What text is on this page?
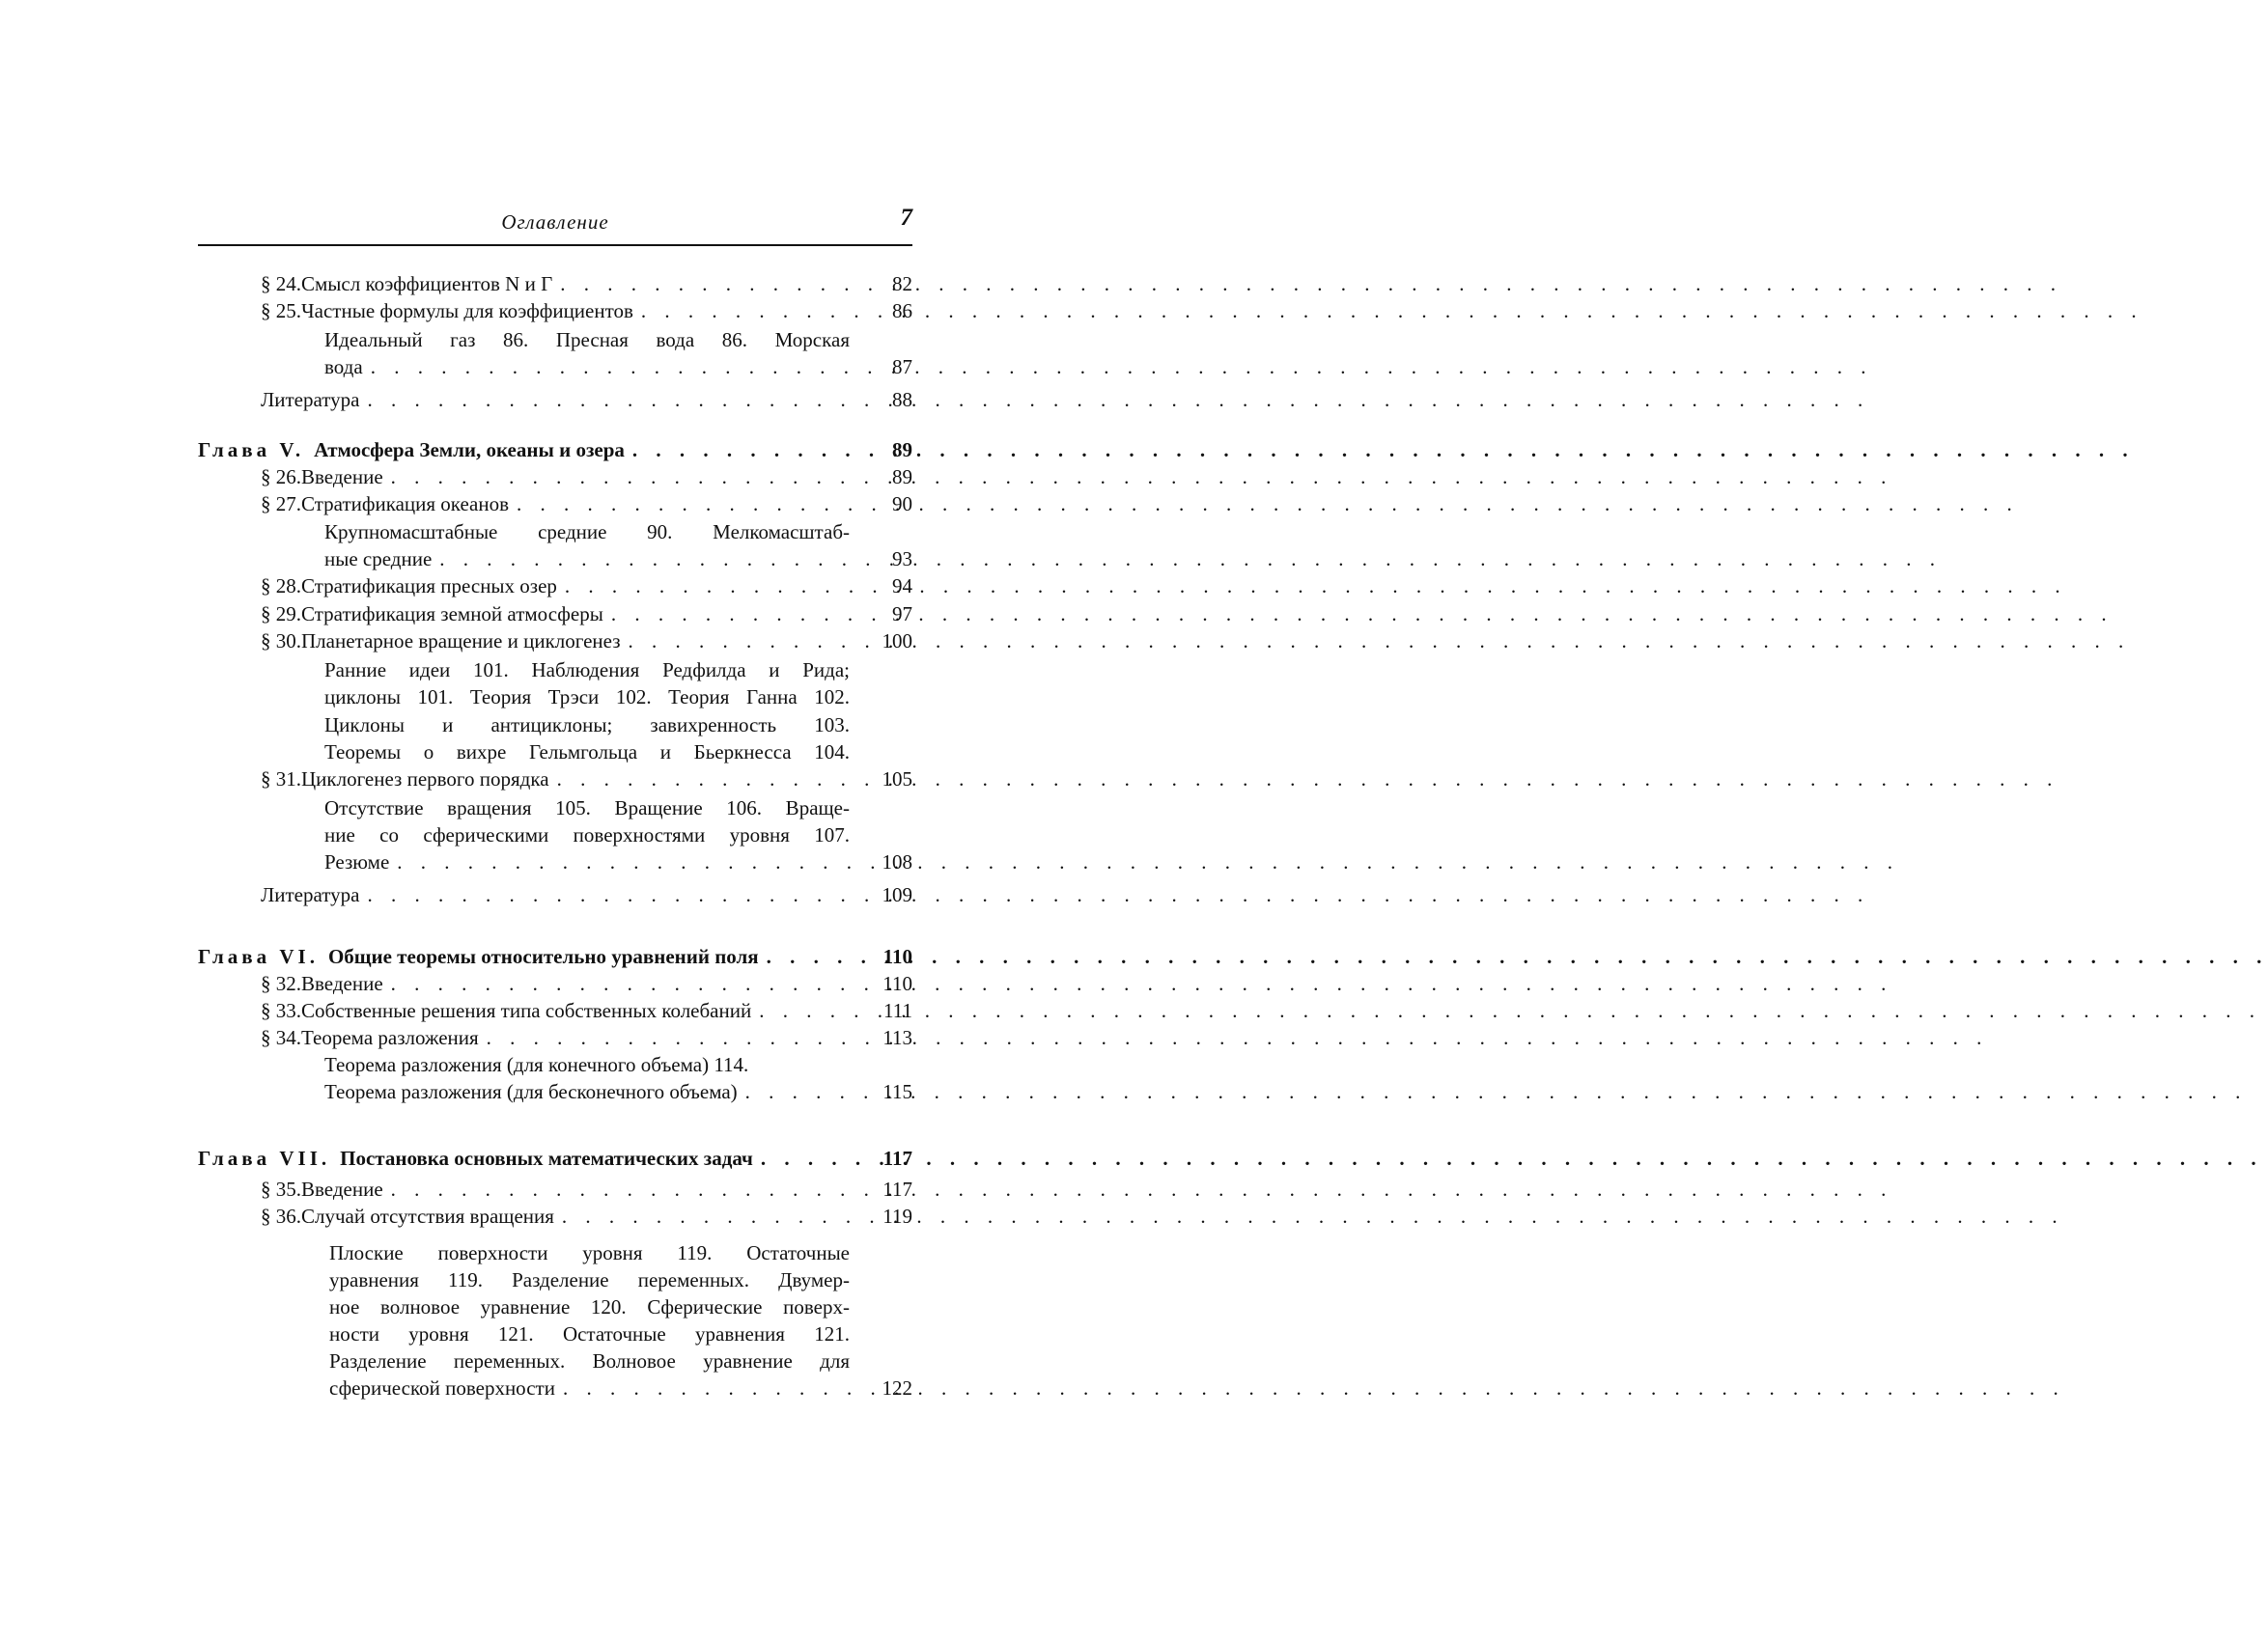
Оглавление	7
§ 24. Смысл коэффициентов N и Γ . . .	82
§ 25. Частные формулы для коэффициентов . . .	86
Идеальный газ 86. Пресная вода 86. Морская
вода . . .	87
Литература . . .	88
Глава V. Атмосфера Земли, океаны и озера . . .	89
§ 26. Введение . . .	89
§ 27. Стратификация океанов . . .	90
Крупномасштабные средние 90. Мелкомасштаб-
ные средние . . .	93
§ 28. Стратификация пресных озер . . .	94
§ 29. Стратификация земной атмосферы . . .	97
§ 30. Планетарное вращение и циклогенез . . .	100
Ранние идеи 101. Наблюдения Редфилда и Рида;
циклоны 101. Теория Трэси 102. Теория Ганна 102.
Циклоны и антициклоны; завихренность 103.
Теоремы о вихре Гельмгольца и Бьеркнесса 104.
§ 31. Циклогенез первого порядка . . .	105
Отсутствие вращения 105. Вращение 106. Враще-
ние со сферическими поверхностями уровня 107.
Резюме . . .	108
Литература . . .	109
Глава VI. Общие теоремы относительно уравнений поля . . .	110
§ 32. Введение . . .	110
§ 33. Собственные решения типа собственных колебаний . . .	111
§ 34. Теорема разложения . . .	113
Теорема разложения (для конечного объема) 114.
Теорема разложения (для бесконечного объема) . . .	115
Глава VII. Постановка основных математических задач . . .	117
§ 35. Введение . . .	117
§ 36. Случай отсутствия вращения . . .	119
Плоские поверхности уровня 119. Остаточные
уравнения 119. Разделение переменных. Двумер-
ное волновое уравнение 120. Сферические поверх-
ности уровня 121. Остаточные уравнения 121.
Разделение переменных. Волновое уравнение для
сферической поверхности . . .	122
